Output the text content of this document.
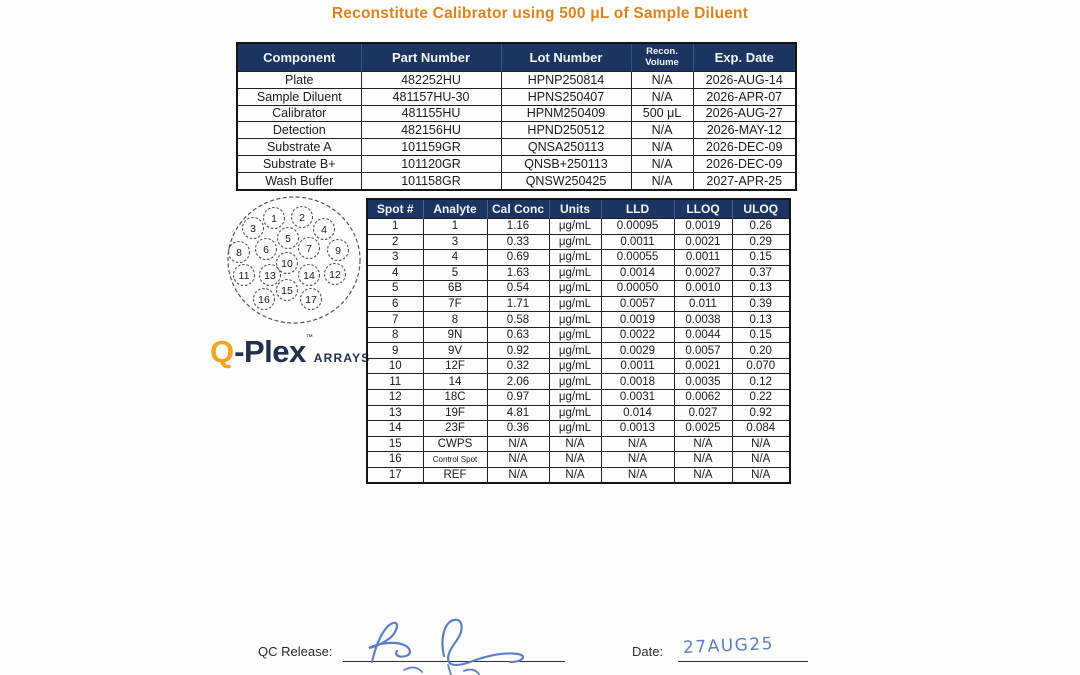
Reconstitute Calibrator using 500 μL of Sample Diluent
Component	Part Number	Lot Number	Recon. Volume	Exp. Date
Plate	482252HU	HPNP250814	N/A	2026-AUG-14
Sample Diluent	481157HU-30	HPNS250407	N/A	2026-APR-07
Calibrator	481155HU	HPNM250409	500 μL	2026-AUG-27
Detection	482156HU	HPND250512	N/A	2026-MAY-12
Substrate A	101159GR	QNSA250113	N/A	2026-DEC-09
Substrate B+	101120GR	QNSB+250113	N/A	2026-DEC-09
Wash Buffer	101158GR	QNSW250425	N/A	2027-APR-25
1 2
3	4
5
6	7
8	9
10
11 13	14 12
15
16	17
Q -Plex ™
ARRAYS
Spot #	Analyte	Cal Conc	Units	LLD	LLOQ	ULOQ
1	1	1.16	μg/mL	0.00095	0.0019	0.26
2	3	0.33	μg/mL	0.0011	0.0021	0.29
3	4	0.69	μg/mL	0.00055	0.0011	0.15
4	5	1.63	μg/mL	0.0014	0.0027	0.37
5	6B	0.54	μg/mL	0.00050	0.0010	0.13
6	7F	1.71	μg/mL	0.0057	0.011	0.39
7	8	0.58	μg/mL	0.0019	0.0038	0.13
8	9N	0.63	μg/mL	0.0022	0.0044	0.15
9	9V	0.92	μg/mL	0.0029	0.0057	0.20
10	12F	0.32	μg/mL	0.0011	0.0021	0.070
11	14	2.06	μg/mL	0.0018	0.0035	0.12
12	18C	0.97	μg/mL	0.0031	0.0062	0.22
13	19F	4.81	μg/mL	0.014	0.027	0.92
14	23F	0.36	μg/mL	0.0013	0.0025	0.084
15	CWPS	N/A	N/A	N/A	N/A	N/A
16	Control Spot	N/A	N/A	N/A	N/A	N/A
17	REF	N/A	N/A	N/A	N/A	N/A
QC Release:	Date: 27AUG25
